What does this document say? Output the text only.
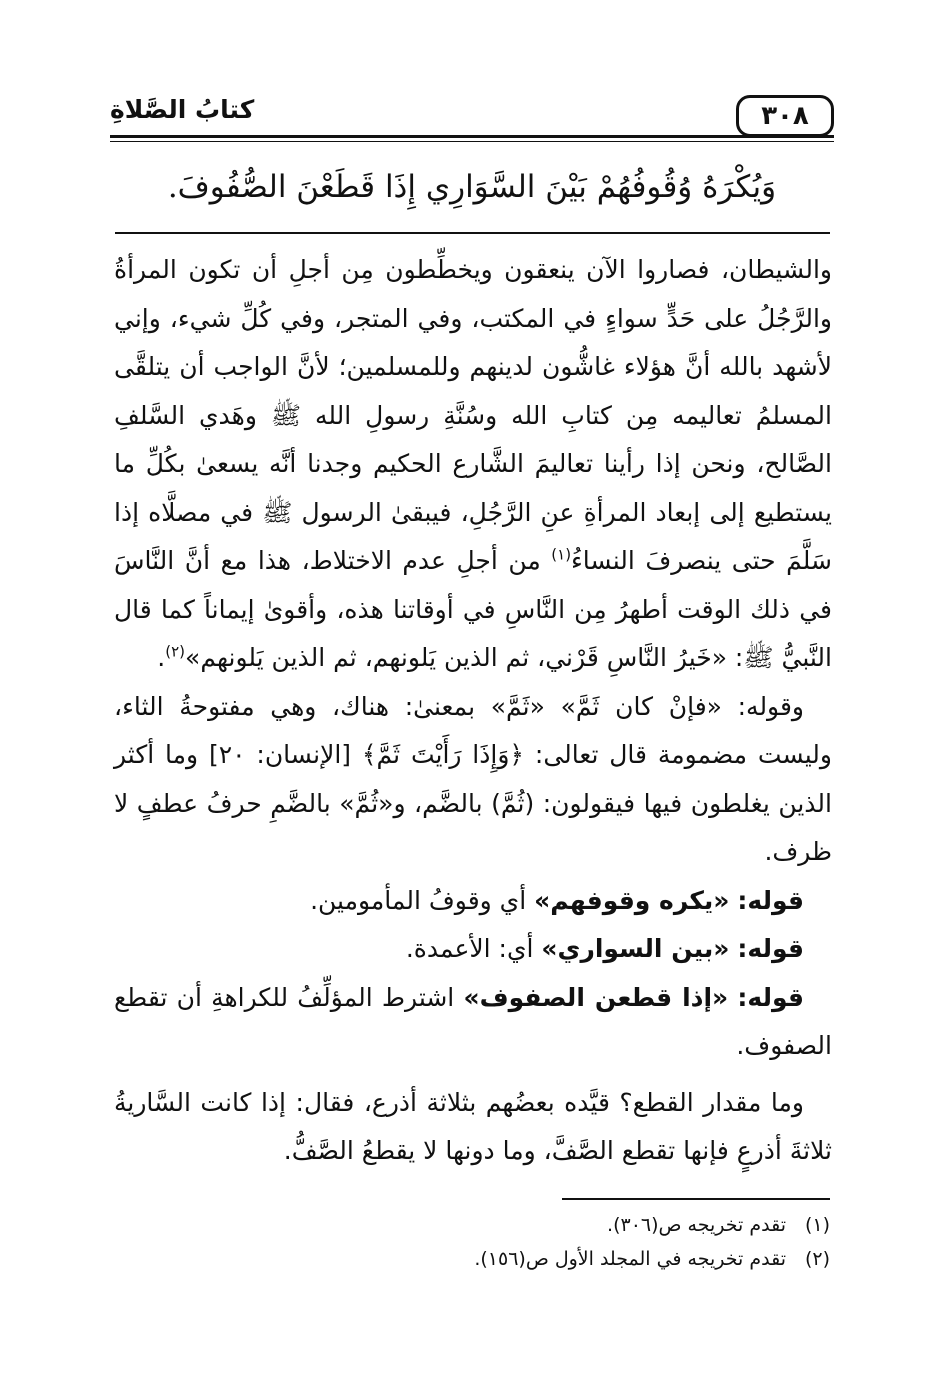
كتابُ الصَّلاةِ	٣٠٨
وَيُكْرَهُ وُقُوفُهُمْ بَيْنَ السَّوَارِي إِذَا قَطَعْنَ الصُّفُوفَ.

والشيطان، فصاروا الآن ينعقون ويخطِّطون مِن أجلِ أن تكون المرأةُ والرَّجُلُ على حَدٍّ سواءٍ في المكتب، وفي المتجر، وفي كُلِّ شيء، وإني لأشهد بالله أنَّ هؤلاء غاشُّون لدينهم وللمسلمين؛ لأنَّ الواجب أن يتلقَّى المسلمُ تعاليمه مِن كتابِ الله وسُنَّةِ رسولِ الله ﷺ وهَدي السَّلفِ الصَّالح، ونحن إذا رأينا تعاليمَ الشَّارع الحكيم وجدنا أنَّه يسعىٰ بكُلِّ ما يستطيع إلى إبعاد المرأةِ عنِ الرَّجُلِ، فيبقىٰ الرسول ﷺ في مصلَّاه إذا سَلَّمَ حتى ينصرفَ النساءُ$^{(١)}$ من أجلِ عدم الاختلاط، هذا مع أنَّ النَّاسَ في ذلك الوقت أطهرُ مِن النَّاسِ في أوقاتنا هذه، وأقوىٰ إيماناً كما قال النَّبيُّ ﷺ: «خَيرُ النَّاسِ قَرْني، ثم الذين يَلونهم، ثم الذين يَلونهم»$^{(٢)}$.

وقوله: «فإنْ كان ثَمَّ» «ثَمَّ» بمعنىٰ: هناك، وهي مفتوحةُ الثاء، وليست مضمومة قال تعالى: ﴿وَإِذَا رَأَيْتَ ثَمَّ﴾ [الإنسان: ٢٠] وما أكثر الذين يغلطون فيها فيقولون: (ثُمَّ) بالضَّم، و«ثُمَّ» بالضَّمِ حرفُ عطفٍ لا ظرف.

قوله: «يكره وقوفهم» أي وقوفُ المأمومين.

قوله: «بين السواري» أي: الأعمدة.

قوله: «إذا قطعن الصفوف» اشترط المؤلِّفُ للكراهةِ أن تقطع الصفوف.

وما مقدار القطع؟ قيَّده بعضُهم بثلاثة أذرع، فقال: إذا كانت السَّاريةُ ثلاثةَ أذرعٍ فإنها تقطع الصَّفَّ، وما دونها لا يقطعُ الصَّفُّ.

(١)
تقدم تخريجه ص(٣٠٦).
(٢)
تقدم تخريجه في المجلد الأول ص(١٥٦).
